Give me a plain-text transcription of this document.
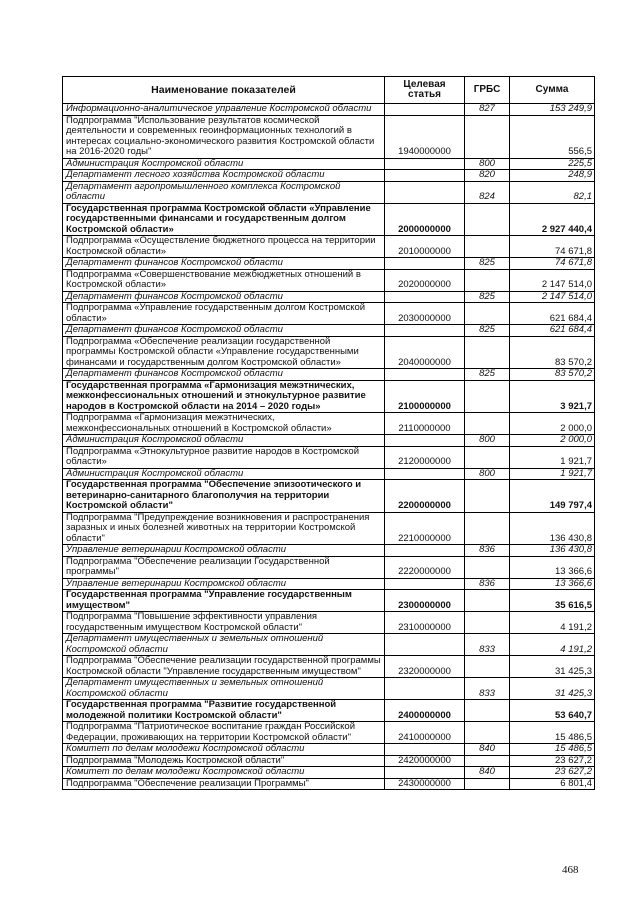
Наименование показателей	Целевая статья	ГРБС	Сумма
Информационно-аналитическое управление Костромской области		827	153 249,9
Подпрограмма "Использование результатов космической деятельности и современных геоинформационных технологий в интересах социально-экономического развития Костромской области на 2016-2020 годы"	1940000000		556,5
Администрация Костромской области		800	225,5
Департамент лесного хозяйства Костромской области		820	248,9
Департамент агропромышленного комплекса Костромской области		824	82,1
Государственная программа Костромской области «Управление государственными финансами и государственным долгом Костромской области»	2000000000		2 927 440,4
Подпрограмма «Осуществление бюджетного процесса на территории Костромской области»	2010000000		74 671,8
Департамент финансов Костромской области		825	74 671,8
Подпрограмма «Совершенствование межбюджетных отношений в Костромской области»	2020000000		2 147 514,0
Департамент финансов Костромской области		825	2 147 514,0
Подпрограмма «Управление государственным долгом Костромской области»	2030000000		621 684,4
Департамент финансов Костромской области		825	621 684,4
Подпрограмма «Обеспечение реализации государственной программы Костромской области «Управление государственными финансами и государственным долгом Костромской области»	2040000000		83 570,2
Департамент финансов Костромской области		825	83 570,2
Государственная программа «Гармонизация межэтнических, межконфессиональных отношений и этнокультурное развитие народов в Костромской области на 2014 – 2020 годы»	2100000000		3 921,7
Подпрограмма «Гармонизация межэтнических, межконфессиональных отношений в Костромской области»	2110000000		2 000,0
Администрация Костромской области		800	2 000,0
Подпрограмма «Этнокультурное развитие народов в Костромской области»	2120000000		1 921,7
Администрация Костромской области		800	1 921,7
Государственная программа "Обеспечение эпизоотического и ветеринарно-санитарного благополучия на территории Костромской области"	2200000000		149 797,4
Подпрограмма "Предупреждение возникновения и распространения заразных и иных болезней животных на территории Костромской области"	2210000000		136 430,8
Управление ветеринарии Костромской области		836	136 430,8
Подпрограмма "Обеспечение реализации Государственной программы"	2220000000		13 366,6
Управление ветеринарии Костромской области		836	13 366,6
Государственная программа "Управление государственным имуществом"	2300000000		35 616,5
Подпрограмма "Повышение эффективности управления государственным имуществом Костромской области"	2310000000		4 191,2
Департамент имущественных и земельных отношений Костромской области		833	4 191,2
Подпрограмма "Обеспечение реализации государственной программы Костромской области "Управление государственным имуществом"	2320000000		31 425,3
Департамент имущественных и земельных отношений Костромской области		833	31 425,3
Государственная программа "Развитие государственной молодежной политики Костромской области"	2400000000		53 640,7
Подпрограмма "Патриотическое воспитание граждан Российской Федерации, проживающих на территории Костромской области"	2410000000		15 486,5
Комитет по делам молодежи Костромской области		840	15 486,5
Подпрограмма "Молодежь Костромской области"	2420000000		23 627,2
Комитет по делам молодежи Костромской области		840	23 627,2
Подпрограмма "Обеспечение реализации Программы"	2430000000		6 801,4
468
